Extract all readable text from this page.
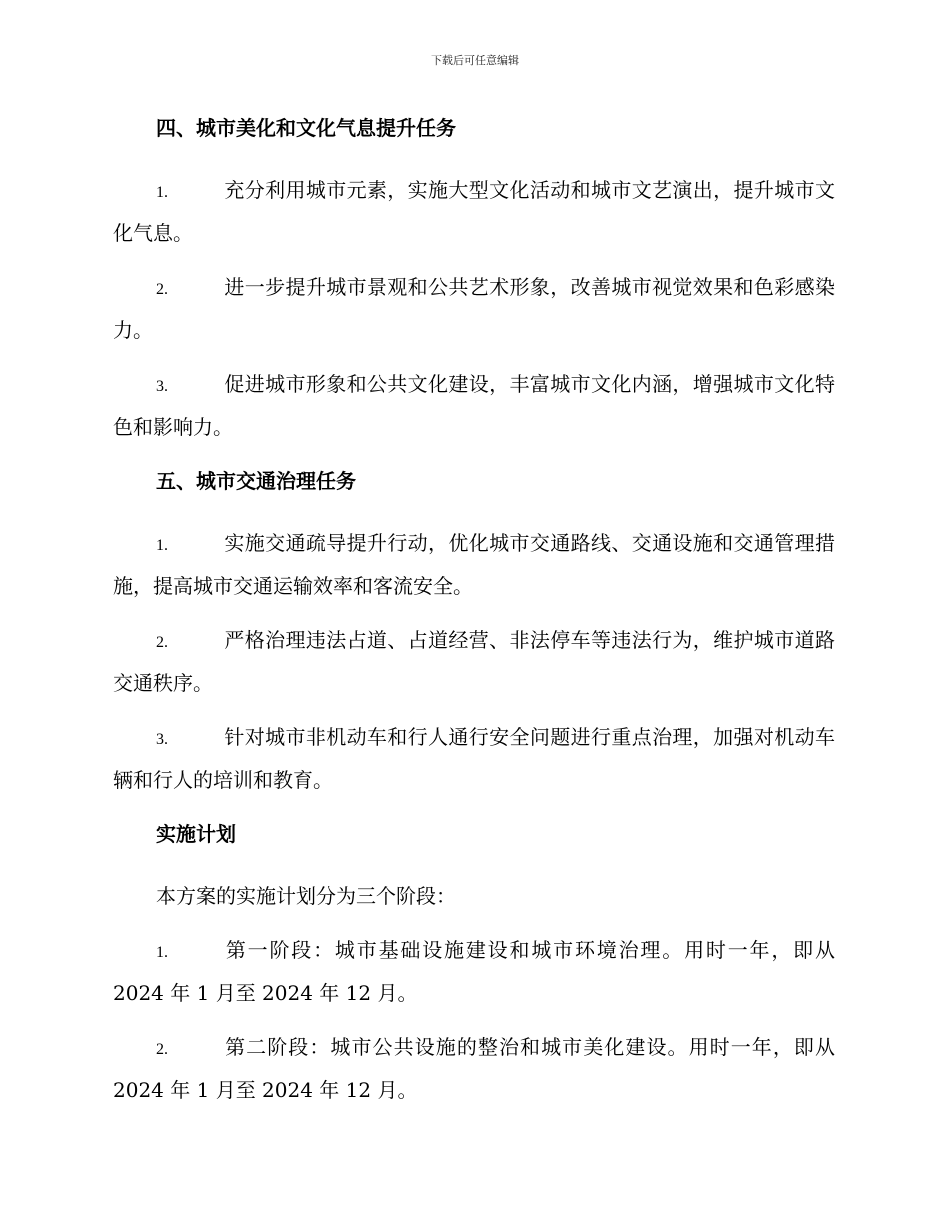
下载后可任意编辑
四、城市美化和文化气息提升任务
1.	充分利用城市元素，实施大型文化活动和城市文艺演出，提升城市文化气息。
2.	进一步提升城市景观和公共艺术形象，改善城市视觉效果和色彩感染力。
3.	促进城市形象和公共文化建设，丰富城市文化内涵，增强城市文化特色和影响力。
五、城市交通治理任务
1.	实施交通疏导提升行动，优化城市交通路线、交通设施和交通管理措施，提高城市交通运输效率和客流安全。
2.	严格治理违法占道、占道经营、非法停车等违法行为，维护城市道路交通秩序。
3.	针对城市非机动车和行人通行安全问题进行重点治理，加强对机动车辆和行人的培训和教育。
实施计划
本方案的实施计划分为三个阶段：
1.	第一阶段：城市基础设施建设和城市环境治理。用时一年，即从 2024 年 1 月至 2024 年 12 月。
2.	第二阶段：城市公共设施的整治和城市美化建设。用时一年，即从 2024 年 1 月至 2024 年 12 月。
